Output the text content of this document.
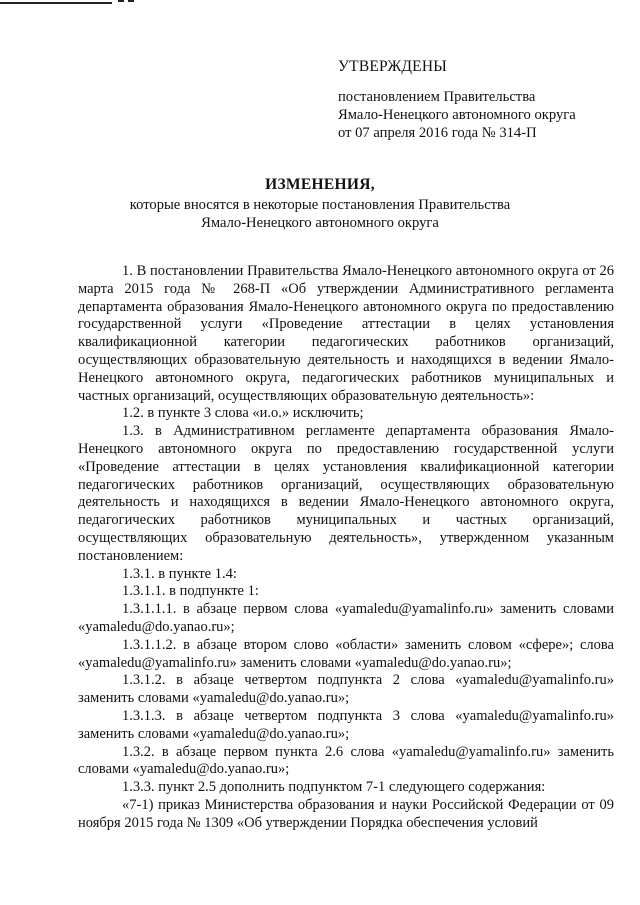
УТВЕРЖДЕНЫ
постановлением Правительства
Ямало-Ненецкого автономного округа
от 07 апреля 2016 года № 314-П
ИЗМЕНЕНИЯ,
которые вносятся в некоторые постановления Правительства
Ямало-Ненецкого автономного округа

1. В постановлении Правительства Ямало-Ненецкого автономного округа от 26 марта 2015 года № 268-П «Об утверждении Административного регламента департамента образования Ямало-Ненецкого автономного округа по предоставлению государственной услуги «Проведение аттестации в целях установления квалификационной категории педагогических работников организаций, осуществляющих образовательную деятельность и находящихся в ведении Ямало-Ненецкого автономного округа, педагогических работников муниципальных и частных организаций, осуществляющих образовательную деятельность»:

1.2. в пункте 3 слова «и.о.» исключить;

1.3. в Административном регламенте департамента образования Ямало-Ненецкого автономного округа по предоставлению государственной услуги «Проведение аттестации в целях установления квалификационной категории педагогических работников организаций, осуществляющих образовательную деятельность и находящихся в ведении Ямало-Ненецкого автономного округа, педагогических работников муниципальных и частных организаций, осуществляющих образовательную деятельность», утвержденном указанным постановлением:

1.3.1. в пункте 1.4:

1.3.1.1. в подпункте 1:

1.3.1.1.1. в абзаце первом слова «yamaledu@yamalinfo.ru» заменить словами «yamaledu@do.yanao.ru»;

1.3.1.1.2. в абзаце втором слово «области» заменить словом «сфере»; слова «yamaledu@yamalinfo.ru» заменить словами «yamaledu@do.yanao.ru»;

1.3.1.2. в абзаце четвертом подпункта 2 слова «yamaledu@yamalinfo.ru» заменить словами «yamaledu@do.yanao.ru»;

1.3.1.3. в абзаце четвертом подпункта 3 слова «yamaledu@yamalinfo.ru» заменить словами «yamaledu@do.yanao.ru»;

1.3.2. в абзаце первом пункта 2.6 слова «yamaledu@yamalinfo.ru» заменить словами «yamaledu@do.yanao.ru»;

1.3.3. пункт 2.5 дополнить подпунктом 7-1 следующего содержания:

«7-1) приказ Министерства образования и науки Российской Федерации от 09 ноября 2015 года № 1309 «Об утверждении Порядка обеспечения условий
